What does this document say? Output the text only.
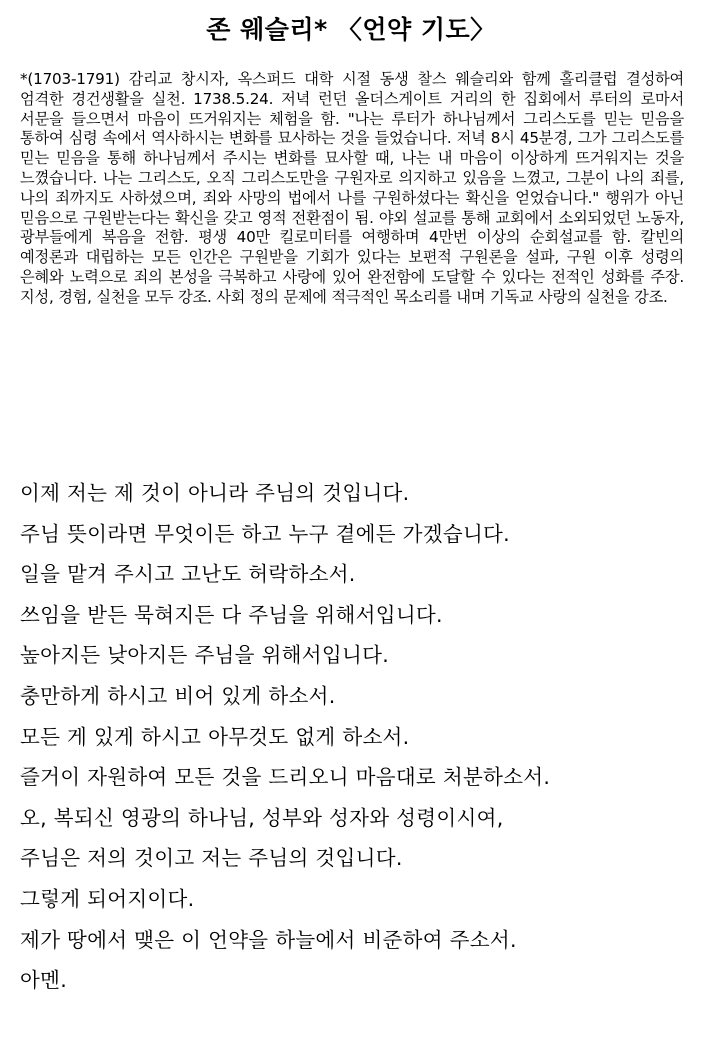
존 웨슬리* 〈언약 기도〉

*(1703-1791) 감리교 창시자, 옥스퍼드 대학 시절 동생 찰스 웨슬리와 함께 홀리클럽 결성하여 엄격한 경건생활을 실천. 1738.5.24. 저녁 런던 올더스게이트 거리의 한 집회에서 루터의 로마서 서문을 들으면서 마음이 뜨거워지는 체험을 함. "나는 루터가 하나님께서 그리스도를 믿는 믿음을 통하여 심령 속에서 역사하시는 변화를 묘사하는 것을 들었습니다. 저녁 8시 45분경, 그가 그리스도를 믿는 믿음을 통해 하나님께서 주시는 변화를 묘사할 때, 나는 내 마음이 이상하게 뜨거워지는 것을 느꼈습니다. 나는 그리스도, 오직 그리스도만을 구원자로 의지하고 있음을 느꼈고, 그분이 나의 죄를, 나의 죄까지도 사하셨으며, 죄와 사망의 법에서 나를 구원하셨다는 확신을 얻었습니다." 행위가 아닌 믿음으로 구원받는다는 확신을 갖고 영적 전환점이 됨. 야외 설교를 통해 교회에서 소외되었던 노동자, 광부들에게 복음을 전함. 평생 40만 킬로미터를 여행하며 4만번 이상의 순회설교를 함. 칼빈의 예정론과 대립하는 모든 인간은 구원받을 기회가 있다는 보편적 구원론을 설파, 구원 이후 성령의 은혜와 노력으로 죄의 본성을 극복하고 사랑에 있어 완전함에 도달할 수 있다는 전적인 성화를 주장. 지성, 경험, 실천을 모두 강조. 사회 정의 문제에 적극적인 목소리를 내며 기독교 사랑의 실천을 강조.

이제 저는 제 것이 아니라 주님의 것입니다.
주님 뜻이라면 무엇이든 하고 누구 곁에든 가겠습니다.
일을 맡겨 주시고 고난도 허락하소서.
쓰임을 받든 묵혀지든 다 주님을 위해서입니다.
높아지든 낮아지든 주님을 위해서입니다.
충만하게 하시고 비어 있게 하소서.
모든 게 있게 하시고 아무것도 없게 하소서.
즐거이 자원하여 모든 것을 드리오니 마음대로 처분하소서.
오, 복되신 영광의 하나님, 성부와 성자와 성령이시여,
주님은 저의 것이고 저는 주님의 것입니다.
그렇게 되어지이다.
제가 땅에서 맺은 이 언약을 하늘에서 비준하여 주소서.
아멘.
